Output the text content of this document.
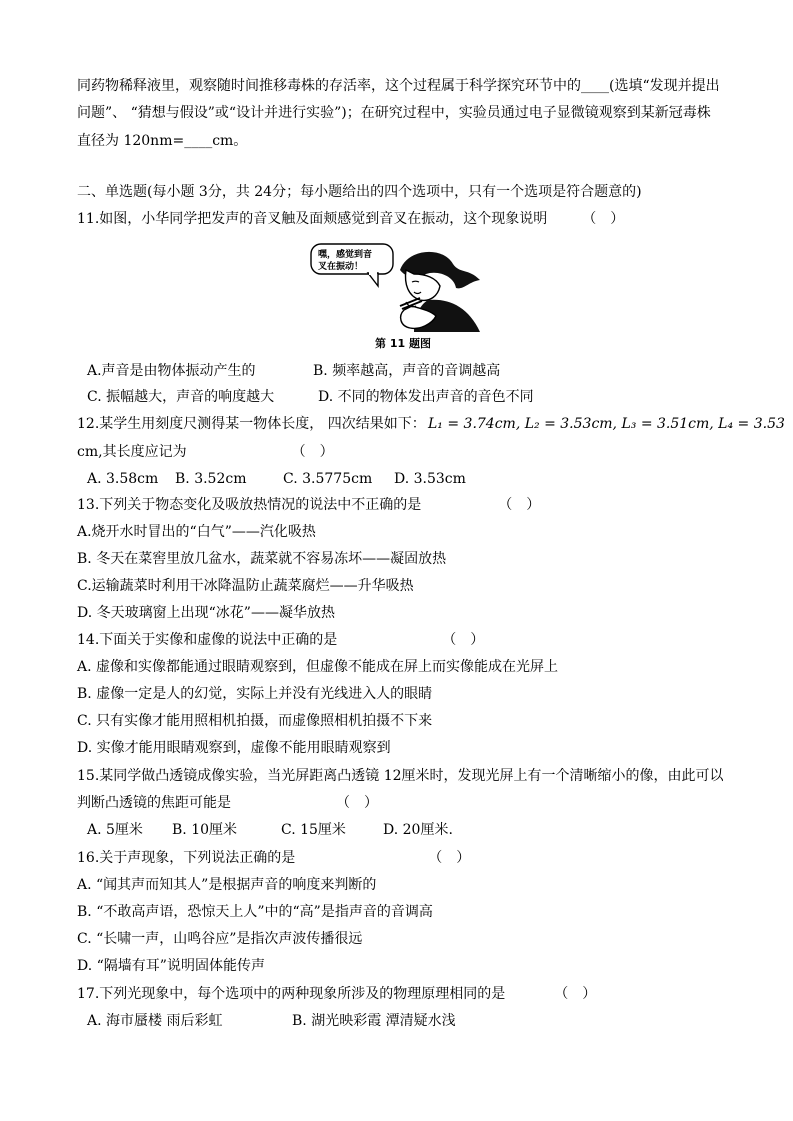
同药物稀释液里，观察随时间推移毒株的存活率，这个过程属于科学探究环节中的____(选填“发现并提出
问题”、 “猜想与假设”或“设计并进行实验”)；在研究过程中，实验员通过电子显微镜观察到某新冠毒株
直径为 120nm=____cm。
二、单选题(每小题 3分，共 24分；每小题给出的四个选项中，只有一个选项是符合题意的)
11.如图，小华同学把发声的音叉触及面颊感觉到音叉在振动，这个现象说明　　　（　）
嘿，感觉到音
叉在振动！
第 11 题图
A.声音是由物体振动产生的	B. 频率越高，声音的音调越高
C. 振幅越大，声音的响度越大	D. 不同的物体发出声音的音色不同
12.某学生用刻度尺测得某一物体长度， 四次结果如下： L₁ = 3.74cm, L₂ = 3.53cm, L₃ = 3.51cm, L₄ = 3.53
cm,其长度应记为　　　　　　　　（　）
A. 3.58cm B. 3.52cm	C. 3.5775cm D. 3.53cm
13.下列关于物态变化及吸放热情况的说法中不正确的是　　　　　　（　）
A.烧开水时冒出的“白气”——汽化吸热
B. 冬天在菜窖里放几盆水，蔬菜就不容易冻坏——凝固放热
C.运输蔬菜时利用干冰降温防止蔬菜腐烂——升华吸热
D. 冬天玻璃窗上出现“冰花”——凝华放热
14.下面关于实像和虚像的说法中正确的是　　　　　　　　（　）
A. 虚像和实像都能通过眼睛观察到，但虚像不能成在屏上而实像能成在光屏上
B. 虚像一定是人的幻觉，实际上并没有光线进入人的眼睛
C. 只有实像才能用照相机拍摄，而虚像照相机拍摄不下来
D. 实像才能用眼睛观察到，虚像不能用眼睛观察到
15.某同学做凸透镜成像实验，当光屏距离凸透镜 12厘米时，发现光屏上有一个清晰缩小的像，由此可以
判断凸透镜的焦距可能是　　　　　　　　（　）
A. 5厘米 B. 10厘米	C. 15厘米	D. 20厘米.
16.关于声现象，下列说法正确的是　　　　　　　　　　（　）
A. “闻其声而知其人”是根据声音的响度来判断的
B. “不敢高声语，恐惊天上人”中的“高”是指声音的音调高
C. “长啸一声，山鸣谷应”是指次声波传播很远
D. “隔墙有耳”说明固体能传声
17.下列光现象中，每个选项中的两种现象所涉及的物理原理相同的是　　　　（　）
A. 海市蜃楼 雨后彩虹	B. 湖光映彩霞 潭清疑水浅
